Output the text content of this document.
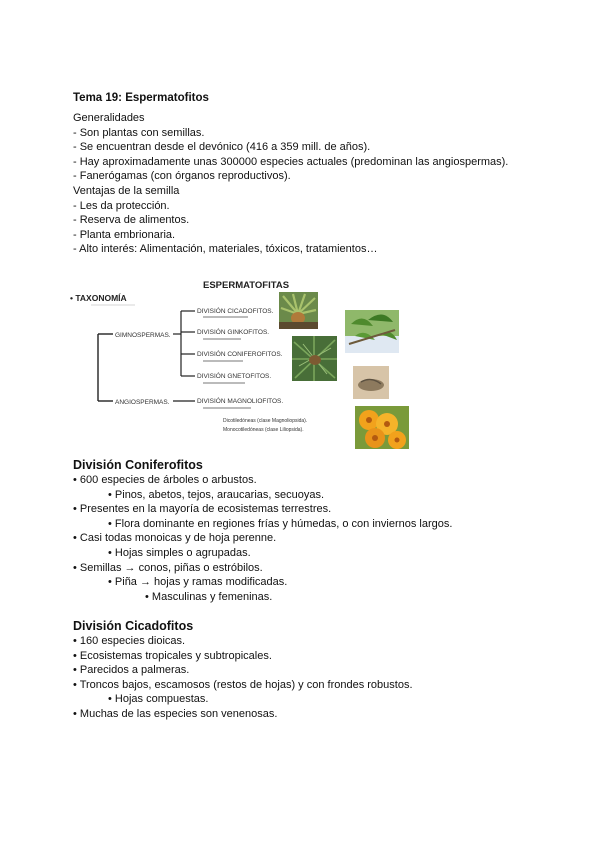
Tema 19: Espermatofitos
Generalidades
- Son plantas con semillas.
- Se encuentran desde el devónico (416 a 359 mill. de años).
- Hay aproximadamente unas 300000 especies actuales (predominan las angiospermas).
- Fanerógamas (con órganos reproductivos).
Ventajas de la semilla
- Les da protección.
- Reserva de alimentos.
- Planta embrionaria.
- Alto interés: Alimentación, materiales, tóxicos, tratamientos…
ESPERMATOFITAS
• TAXONOMÍA
GIMNOSPERMAS.
ANGIOSPERMAS.
DIVISIÓN CICADOFITOS.
DIVISIÓN GINKOFITOS.
DIVISIÓN CONIFEROFITOS.
DIVISIÓN GNETOFITOS.
DIVISIÓN MAGNOLIOFITOS.
Dicotiledóneas (clase Magnoliopsida).
Monocotiledóneas (clase Liliopsida).
División Coniferofitos
• 600 especies de árboles o arbustos.
• Pinos, abetos, tejos, araucarias, secuoyas.
• Presentes en la mayoría de ecosistemas terrestres.
• Flora dominante en regiones frías y húmedas, o con inviernos largos.
• Casi todas monoicas y de hoja perenne.
• Hojas simples o agrupadas.
• Semillas → conos, piñas o estróbilos.
• Piña → hojas y ramas modificadas.
• Masculinas y femeninas.
División Cicadofitos
• 160 especies dioicas.
• Ecosistemas tropicales y subtropicales.
• Parecidos a palmeras.
• Troncos bajos, escamosos (restos de hojas) y con frondes robustos.
• Hojas compuestas.
• Muchas de las especies son venenosas.
